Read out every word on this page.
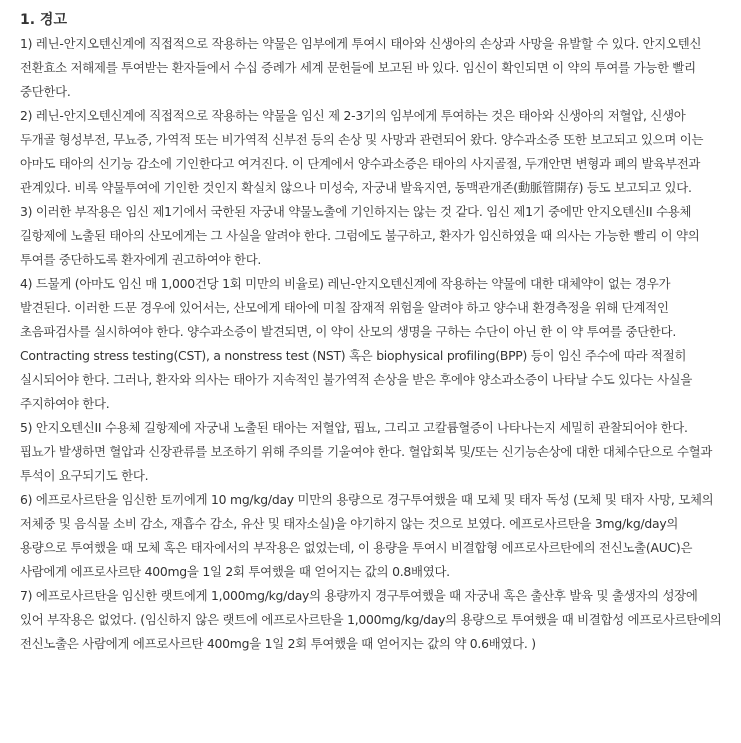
1. 경고

1) 레닌-안지오텐신계에 직접적으로 작용하는 약물은 임부에게 투여시 태아와 신생아의 손상과 사망을 유발할 수 있다. 안지오텐신 전환효소 저해제를 투여받는 환자들에서 수십 증례가 세계 문헌들에 보고된 바 있다. 임신이 확인되면 이 약의 투여를 가능한 빨리 중단한다.

2) 레닌-안지오텐신계에 직접적으로 작용하는 약물을 임신 제 2-3기의 임부에게 투여하는 것은 태아와 신생아의 저혈압, 신생아 두개골 형성부전, 무뇨증, 가역적 또는 비가역적 신부전 등의 손상 및 사망과 관련되어 왔다. 양수과소증 또한 보고되고 있으며 이는 아마도 태아의 신기능 감소에 기인한다고 여겨진다. 이 단계에서 양수과소증은 태아의 사지골절, 두개안면 변형과 폐의 발육부전과 관계있다. 비록 약물투여에 기인한 것인지 확실치 않으나 미성숙, 자궁내 발육지연, 동맥관개존(動脈管開存) 등도 보고되고 있다.

3) 이러한 부작용은 임신 제1기에서 국한된 자궁내 약물노출에 기인하지는 않는 것 같다. 임신 제1기 중에만 안지오텐신II 수용체 길항제에 노출된 태아의 산모에게는 그 사실을 알려야 한다. 그럼에도 불구하고, 환자가 임신하였을 때 의사는 가능한 빨리 이 약의 투여를 중단하도록 환자에게 권고하여야 한다.

4) 드물게 (아마도 임신 매 1,000건당 1회 미만의 비율로) 레닌-안지오텐신계에 작용하는 약물에 대한 대체약이 없는 경우가 발견된다. 이러한 드문 경우에 있어서는, 산모에게 태아에 미칠 잠재적 위험을 알려야 하고 양수내 환경측정을 위해 단계적인 초음파검사를 실시하여야 한다. 양수과소증이 발견되면, 이 약이 산모의 생명을 구하는 수단이 아닌 한 이 약 투여를 중단한다. Contracting stress testing(CST), a nonstress test (NST) 혹은 biophysical profiling(BPP) 등이 임신 주수에 따라 적절히 실시되어야 한다. 그러나, 환자와 의사는 태아가 지속적인 불가역적 손상을 받은 후에야 양소과소증이 나타날 수도 있다는 사실을 주지하여야 한다.

5) 안지오텐신II 수용체 길항제에 자궁내 노출된 태아는 저혈압, 핍뇨, 그리고 고칼륨혈증이 나타나는지 세밀히 관찰되어야 한다. 핍뇨가 발생하면 혈압과 신장관류를 보조하기 위해 주의를 기울여야 한다. 혈압회복 및/또는 신기능손상에 대한 대체수단으로 수혈과 투석이 요구되기도 한다.

6) 에프로사르탄을 임신한 토끼에게 10 mg/kg/day 미만의 용량으로 경구투여했을 때 모체 및 태자 독성 (모체 및 태자 사망, 모체의 저체중 및 음식물 소비 감소, 재흡수 감소, 유산 및 태자소실)을 야기하지 않는 것으로 보였다. 에프로사르탄을 3mg/kg/day의 용량으로 투여했을 때 모체 혹은 태자에서의 부작용은 없었는데, 이 용량을 투여시 비결합형 에프로사르탄에의 전신노출(AUC)은 사람에게 에프로사르탄 400mg을 1일 2회 투여했을 때 얻어지는 값의 0.8배였다.

7) 에프로사르탄을 임신한 랫트에게 1,000mg/kg/day의 용량까지 경구투여했을 때 자궁내 혹은 출산후 발육 및 출생자의 성장에 있어 부작용은 없었다. (임신하지 않은 랫트에 에프로사르탄을 1,000mg/kg/day의 용량으로 투여했을 때 비결합성 에프로사르탄에의 전신노출은 사람에게 에프로사르탄 400mg을 1일 2회 투여했을 때 얻어지는 값의 약 0.6배였다. )
